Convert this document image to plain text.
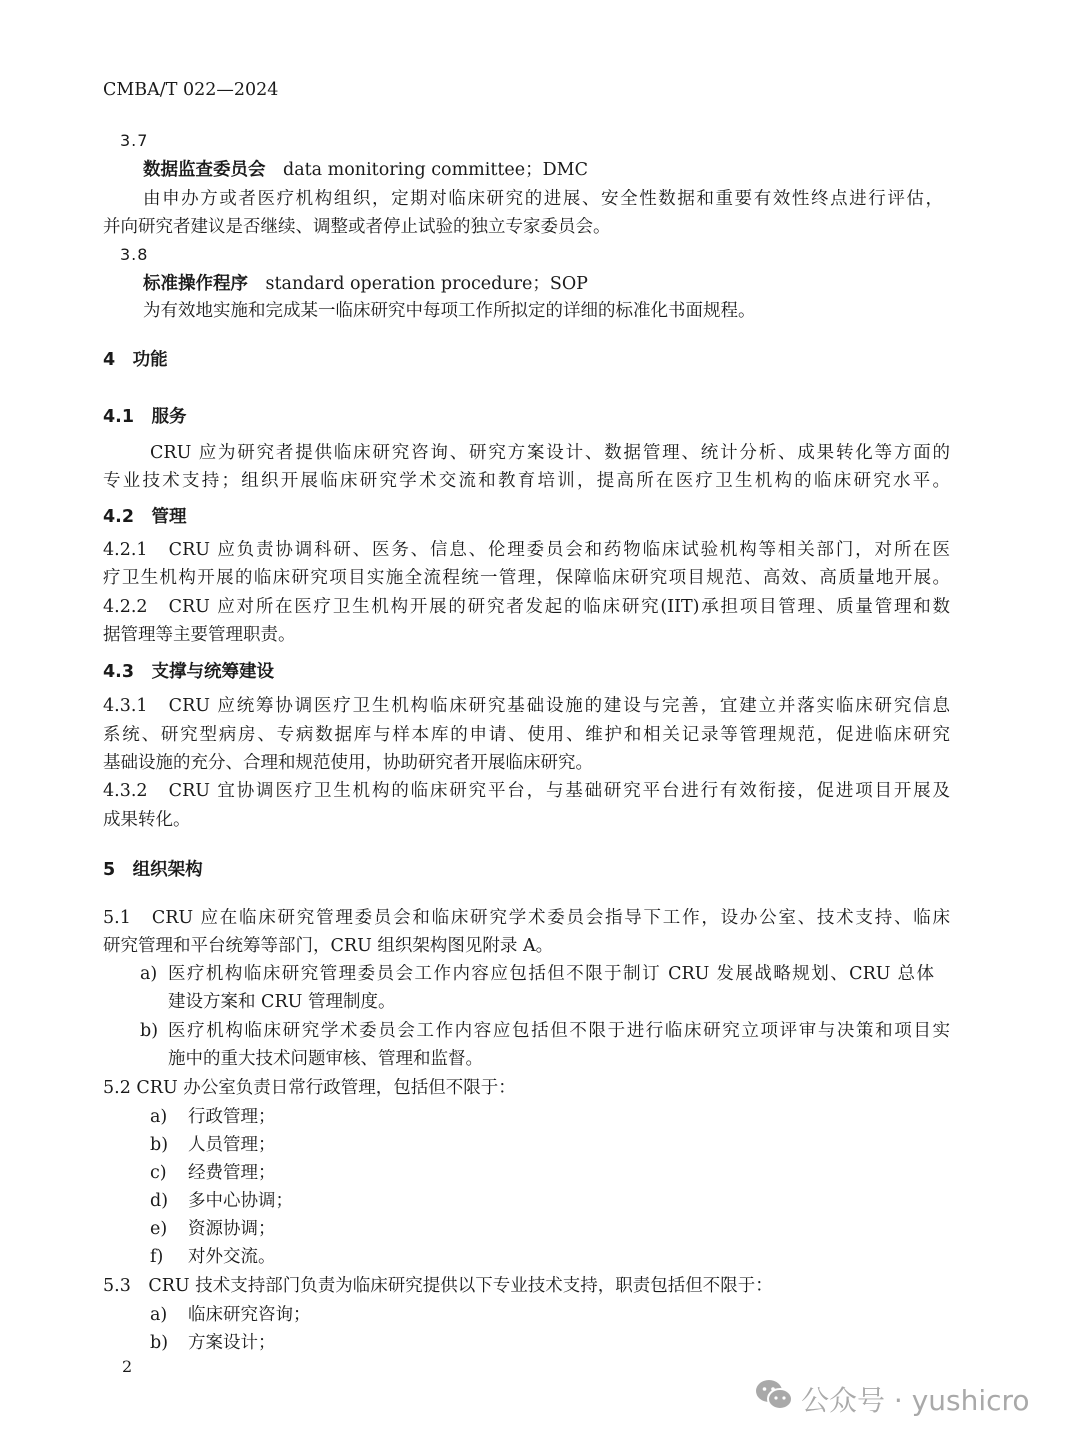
CMBA/T 022—2024
3.7
数据监查委员会　 data monitoring committee；DMC
由申办方或者医疗机构组织，定期对临床研究的进展、安全性数据和重要有效性终点进行评估，
并向研究者建议是否继续、调整或者停止试验的独立专家委员会。
3.8
标准操作程序　 standard operation procedure；SOP
为有效地实施和完成某一临床研究中每项工作所拟定的详细的标准化书面规程。
4　功能
4.1　服务
CRU 应为研究者提供临床研究咨询、研究方案设计、数据管理、统计分析、成果转化等方面的
专业技术支持；组织开展临床研究学术交流和教育培训，提高所在医疗卫生机构的临床研究水平。
4.2　管理
4.2.1　CRU 应负责协调科研、医务、信息、伦理委员会和药物临床试验机构等相关部门，对所在医
疗卫生机构开展的临床研究项目实施全流程统一管理，保障临床研究项目规范、高效、高质量地开展。
4.2.2　CRU 应对所在医疗卫生机构开展的研究者发起的临床研究(IIT)承担项目管理、质量管理和数
据管理等主要管理职责。
4.3　支撑与统筹建设
4.3.1　CRU 应统筹协调医疗卫生机构临床研究基础设施的建设与完善，宜建立并落实临床研究信息
系统、研究型病房、专病数据库与样本库的申请、使用、维护和相关记录等管理规范，促进临床研究
基础设施的充分、合理和规范使用，协助研究者开展临床研究。
4.3.2　CRU 宜协调医疗卫生机构的临床研究平台，与基础研究平台进行有效衔接，促进项目开展及
成果转化。
5　组织架构
5.1　CRU 应在临床研究管理委员会和临床研究学术委员会指导下工作，设办公室、技术支持、临床
研究管理和平台统筹等部门，CRU 组织架构图见附录 A。
a) 医疗机构临床研究管理委员会工作内容应包括但不限于制订 CRU 发展战略规划、CRU 总体
建设方案和 CRU 管理制度。
b) 医疗机构临床研究学术委员会工作内容应包括但不限于进行临床研究立项评审与决策和项目实
施中的重大技术问题审核、管理和监督。
5.2 CRU 办公室负责日常行政管理，包括但不限于：
a) 行政管理；
b) 人员管理；
c) 经费管理；
d) 多中心协调；
e) 资源协调；
f) 对外交流。
5.3　CRU 技术支持部门负责为临床研究提供以下专业技术支持，职责包括但不限于：
a) 临床研究咨询；
b) 方案设计；
2
公众号 · yushicro
